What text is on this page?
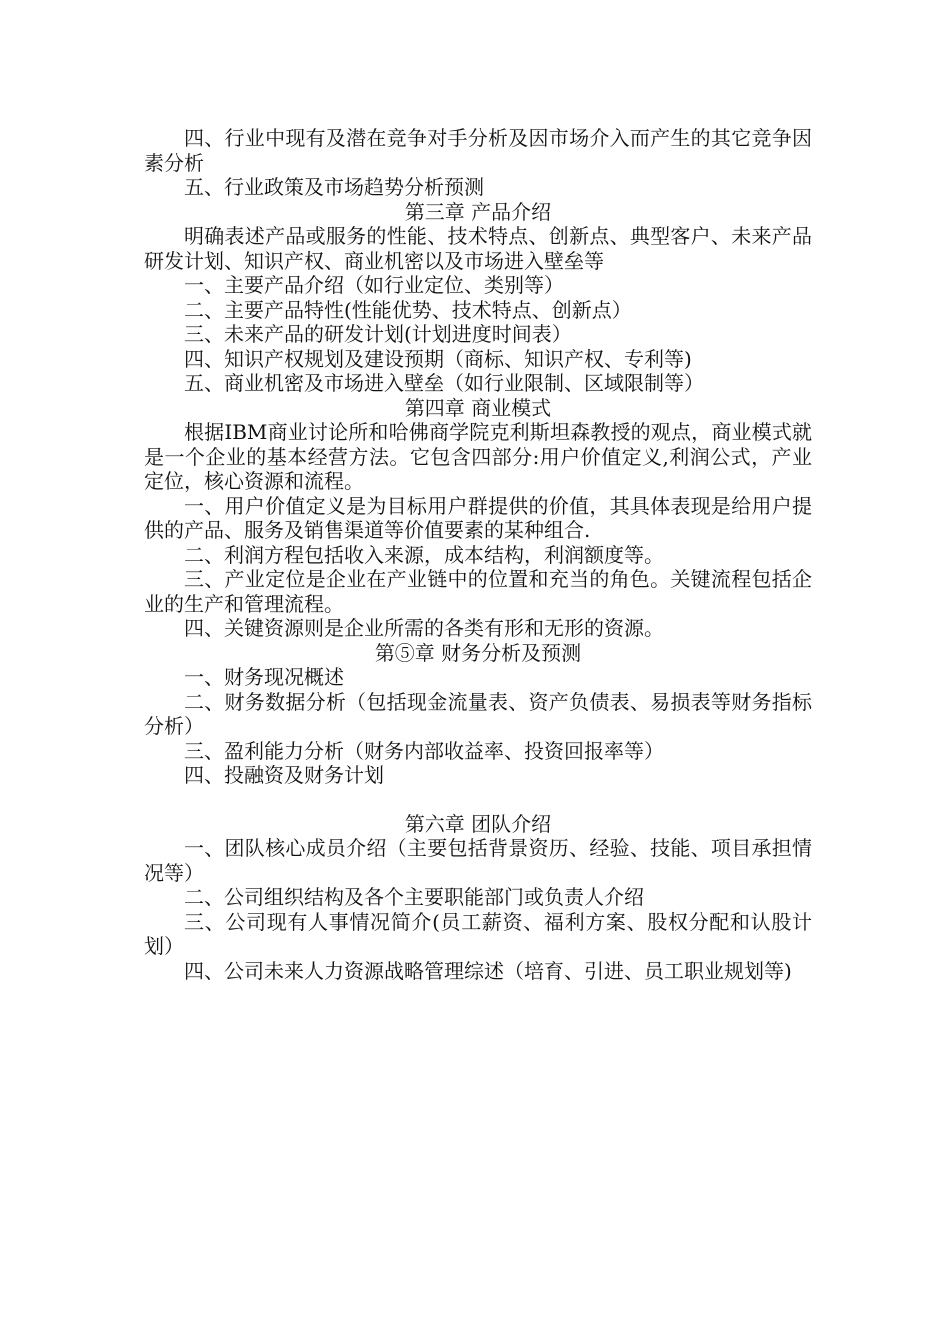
四、行业中现有及潜在竞争对手分析及因市场介入而产生的其它竞争因素分析

五、行业政策及市场趋势分析预测

第三章 产品介绍

明确表述产品或服务的性能、技术特点、创新点、典型客户、未来产品研发计划、知识产权、商业机密以及市场进入壁垒等

一、主要产品介绍（如行业定位、类别等）

二、主要产品特性(性能优势、技术特点、创新点）

三、未来产品的研发计划(计划进度时间表）

四、知识产权规划及建设预期（商标、知识产权、专利等)

五、商业机密及市场进入壁垒（如行业限制、区域限制等）

第四章 商业模式

根据IBM商业讨论所和哈佛商学院克利斯坦森教授的观点，商业模式就是一个企业的基本经营方法。它包含四部分:用户价值定义,利润公式，产业定位，核心资源和流程。

一、用户价值定义是为目标用户群提供的价值，其具体表现是给用户提供的产品、服务及销售渠道等价值要素的某种组合.

二、利润方程包括收入来源，成本结构，利润额度等。

三、产业定位是企业在产业链中的位置和充当的角色。关键流程包括企业的生产和管理流程。

四、关键资源则是企业所需的各类有形和无形的资源。

第⑤章 财务分析及预测

一、财务现况概述

二、财务数据分析（包括现金流量表、资产负债表、易损表等财务指标分析）

三、盈利能力分析（财务内部收益率、投资回报率等）

四、投融资及财务计划

第六章 团队介绍

一、团队核心成员介绍（主要包括背景资历、经验、技能、项目承担情况等）

二、公司组织结构及各个主要职能部门或负责人介绍

三、公司现有人事情况简介(员工薪资、福利方案、股权分配和认股计划）

四、公司未来人力资源战略管理综述（培育、引进、员工职业规划等)
